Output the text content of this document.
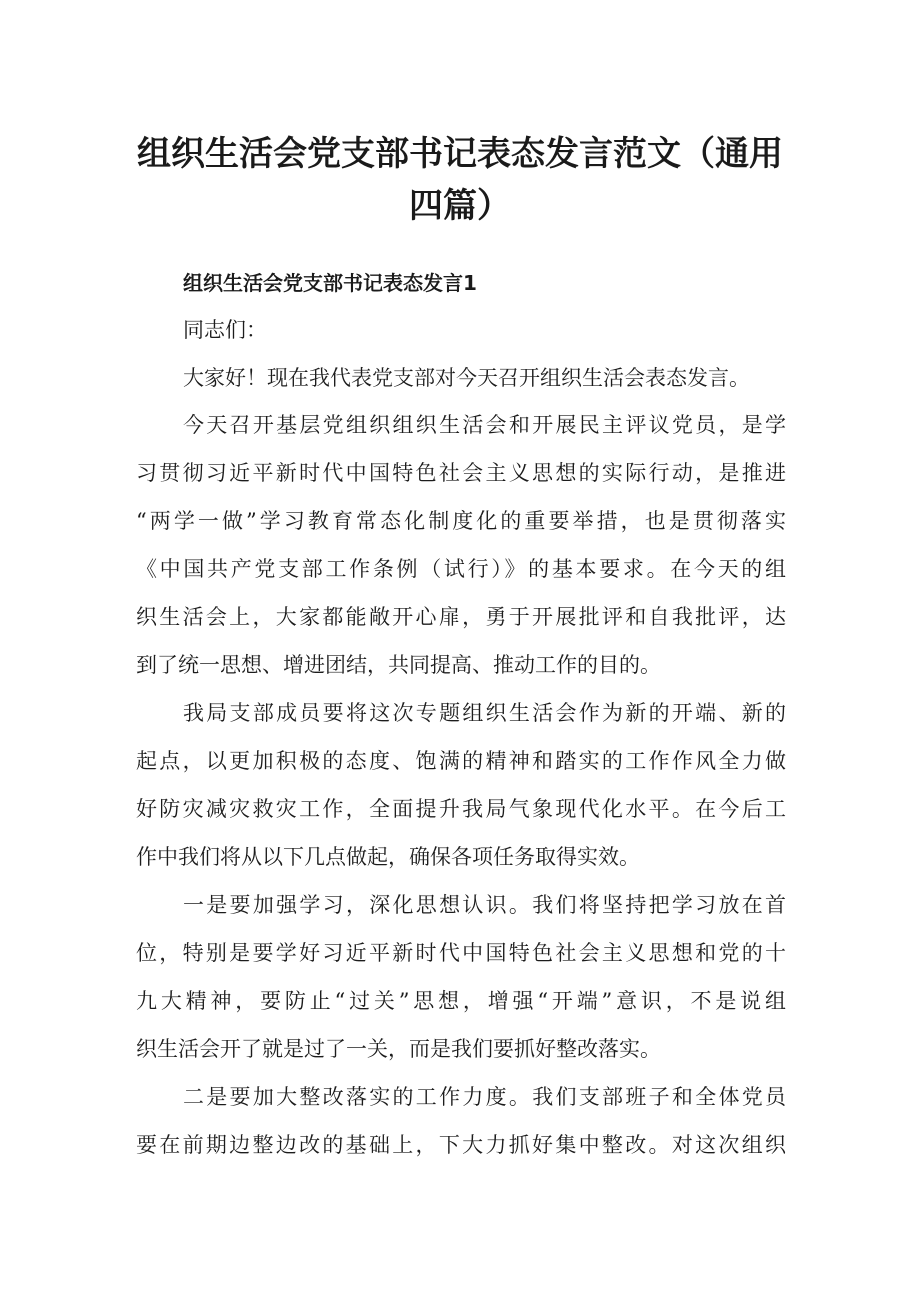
组织生活会党支部书记表态发言范文（通用
四篇）
组织生活会党支部书记表态发言1
同志们：
大家好！现在我代表党支部对今天召开组织生活会表态发言。
今天召开基层党组织组织生活会和开展民主评议党员，是学
习贯彻习近平新时代中国特色社会主义思想的实际行动，是推进
“两学一做”学习教育常态化制度化的重要举措，也是贯彻落实
《中国共产党支部工作条例（试行）》的基本要求。在今天的组
织生活会上，大家都能敞开心扉，勇于开展批评和自我批评，达
到了统一思想、增进团结，共同提高、推动工作的目的。
我局支部成员要将这次专题组织生活会作为新的开端、新的
起点，以更加积极的态度、饱满的精神和踏实的工作作风全力做
好防灾减灾救灾工作，全面提升我局气象现代化水平。在今后工
作中我们将从以下几点做起，确保各项任务取得实效。
一是要加强学习，深化思想认识。我们将坚持把学习放在首
位，特别是要学好习近平新时代中国特色社会主义思想和党的十
九大精神，要防止“过关”思想，增强“开端”意识，不是说组
织生活会开了就是过了一关，而是我们要抓好整改落实。
二是要加大整改落实的工作力度。我们支部班子和全体党员
要在前期边整边改的基础上，下大力抓好集中整改。对这次组织
